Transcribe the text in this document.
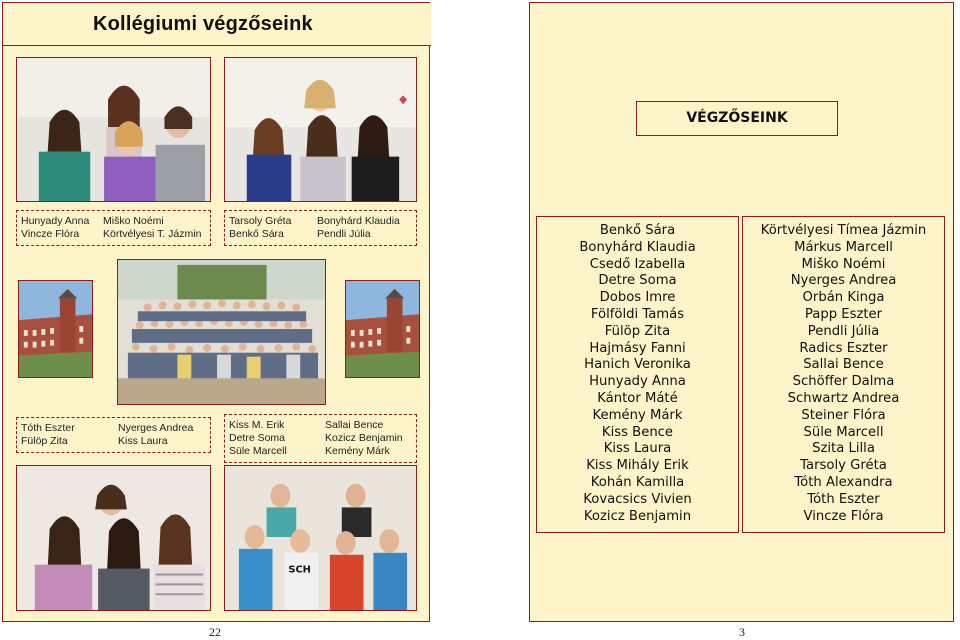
Kollégiumi végzőseink
Hunyady Anna
Vincze Flóra
Miško Noémi
Körtvélyesi T. Jázmin
Tarsoly Gréta
Benkő Sára
Bonyhárd Klaudia
Pendli Júlia
Tóth Eszter
Fülöp Zita
Nyerges Andrea
Kiss Laura
Kiss M. Erik
Detre Soma
Süle Marcell
Sallai Bence
Kozicz Benjamin
Kemény Márk
SCH
22
VÉGZŐSEINK
Benkő Sára
Bonyhárd Klaudia
Csedő Izabella
Detre Soma
Dobos Imre
Fölföldi Tamás
Fülöp Zita
Hajmásy Fanni
Hanich Veronika
Hunyady Anna
Kántor Máté
Kemény Márk
Kiss Bence
Kiss Laura
Kiss Mihály Erik
Kohán Kamilla
Kovacsics Vivien
Kozicz Benjamin
Körtvélyesi Tímea Jázmin
Márkus Marcell
Miško Noémi
Nyerges Andrea
Orbán Kinga
Papp Eszter
Pendli Júlia
Radics Eszter
Sallai Bence
Schöffer Dalma
Schwartz Andrea
Steiner Flóra
Süle Marcell
Szita Lilla
Tarsoly Gréta
Tóth Alexandra
Tóth Eszter
Vincze Flóra
3
